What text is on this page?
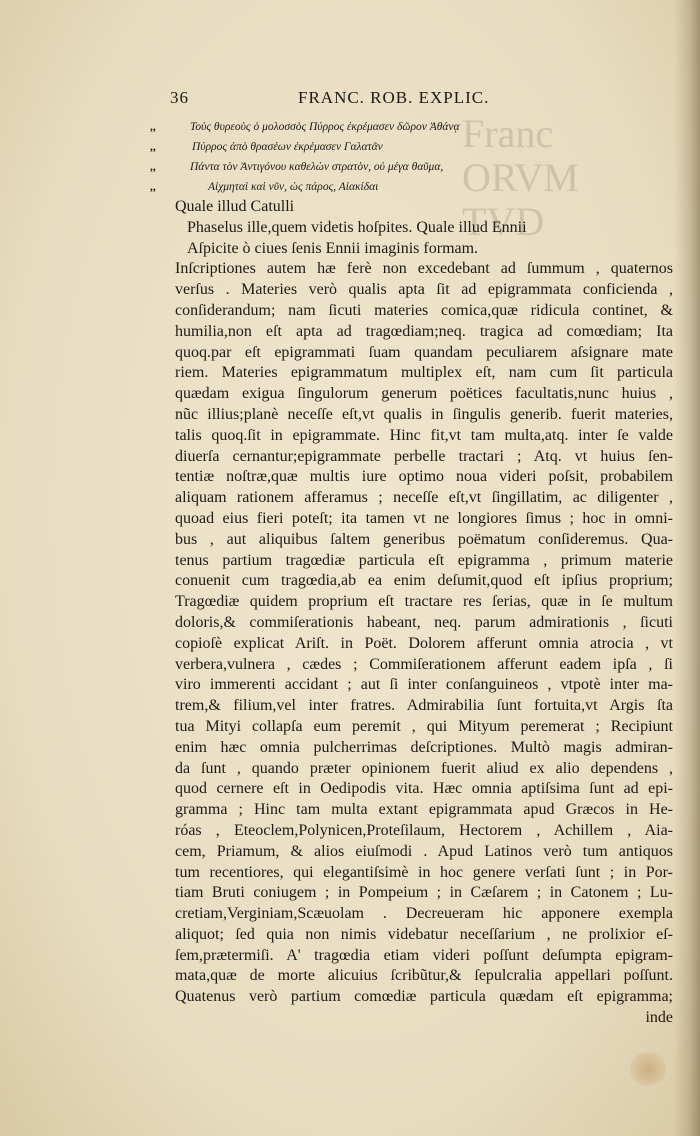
Franc
ORVM
TVD
36	FRANC. ROB. EXPLIC.
,,	Τοὺς θυρεοὺς ὁ μολοσσὸς Πύρρος ἐκρέμασεν δῶρον Ἀθάνᾳ
,,	Πύρρος ἀπὸ θρασέων ἐκρέμασεν Γαλατᾶν
,,	Πάντα τὸν Ἀντιγόνου καθελὼν στρατὸν, οὐ μέγα θαῦμα,
,,	Αἰχμηταὶ καὶ νῦν, ὡς πάρος, Αἰακίδαι
Quale illud Catulli
Phaselus ille,quem videtis hoſpites. Quale illud Ennii
Aſpicite ò ciues ſenis Ennii imaginis formam.
Inſcriptiones autem hæ ferè non excedebant ad ſummum , quaternos
verſus . Materies verò qualis apta ſit ad epigrammata conficienda ,
conſiderandum; nam ſicuti materies comica,quæ ridicula continet, &
humilia,non eſt apta ad tragœdiam;neq. tragica ad comœdiam; Ita
quoq.par eſt epigrammati ſuam quandam peculiarem aſsignare mate
riem. Materies epigrammatum multiplex eſt, nam cum ſit particula
quædam exigua ſingulorum generum poëtices facultatis,nunc huius ,
nũc illius;planè neceſſe eſt,vt qualis in ſingulis generib. fuerit materies,
talis quoq.ſit in epigrammate. Hinc fit,vt tam multa,atq. inter ſe valde
diuerſa cernantur;epigrammate perbelle tractari ; Atq. vt huius ſen-
tentiæ noſtræ,quæ multis iure optimo noua videri poſsit, probabilem
aliquam rationem afferamus ; neceſſe eſt,vt ſingillatim, ac diligenter ,
quoad eius fieri poteſt; ita tamen vt ne longiores ſimus ; hoc in omni-
bus , aut aliquibus ſaltem generibus poëmatum conſideremus. Qua-
tenus partium tragœdiæ particula eſt epigramma , primum materie
conuenit cum tragœdia,ab ea enim deſumit,quod eſt ipſius proprium;
Tragœdiæ quidem proprium eſt tractare res ſerias, quæ in ſe multum
doloris,& commiſerationis habeant, neq. parum admirationis , ſicuti
copioſè explicat Ariſt. in Poët. Dolorem afferunt omnia atrocia , vt
verbera,vulnera , cædes ; Commiſerationem afferunt eadem ipſa , ſi
viro immerenti accidant ; aut ſi inter conſanguineos , vtpotè inter ma-
trem,& filium,vel inter fratres. Admirabilia ſunt fortuita,vt Argis ſta
tua Mityi collapſa eum peremit , qui Mityum peremerat ; Recipiunt
enim hæc omnia pulcherrimas deſcriptiones. Multò magis admiran-
da ſunt , quando præter opinionem fuerit aliud ex alio dependens ,
quod cernere eſt in Oedipodis vita. Hæc omnia aptiſsima ſunt ad epi-
gramma ; Hinc tam multa extant epigrammata apud Græcos in He-
róas , Eteoclem,Polynicen,Proteſilaum, Hectorem , Achillem , Aia-
cem, Priamum, & alios eiuſmodi . Apud Latinos verò tum antiquos
tum recentiores, qui elegantiſsimè in hoc genere verſati ſunt ; in Por-
tiam Bruti coniugem ; in Pompeium ; in Cæſarem ; in Catonem ; Lu-
cretiam,Verginiam,Scæuolam . Decreueram hic apponere exempla
aliquot; ſed quia non nimis videbatur neceſſarium , ne prolixior eſ-
ſem,prætermiſi. A' tragœdia etiam videri poſſunt deſumpta epigram-
mata,quæ de morte alicuius ſcribũtur,& ſepulcralia appellari poſſunt.
Quatenus verò partium comœdiæ particula quædam eſt epigramma;
inde
